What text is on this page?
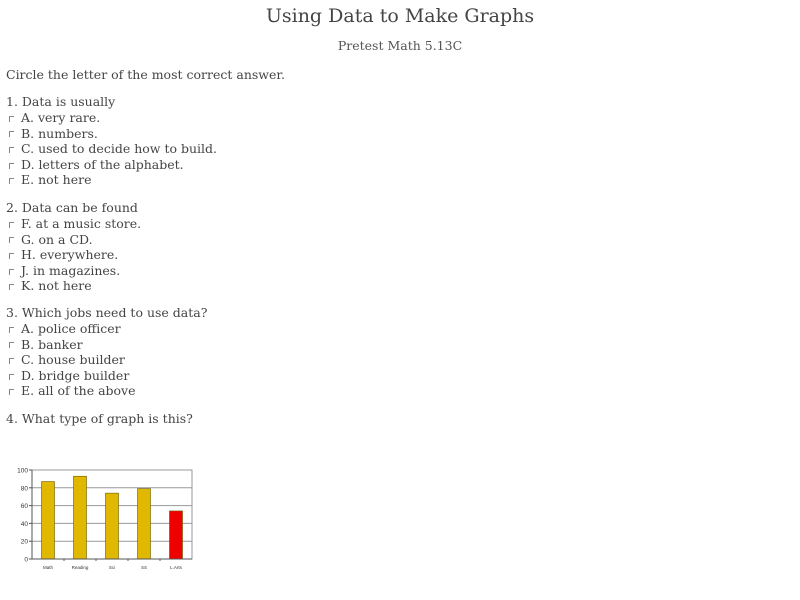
Using Data to Make Graphs
Pretest Math 5.13C
Circle the letter of the most correct answer.
1. Data is usually
A. very rare.
B. numbers.
C. used to decide how to build.
D. letters of the alphabet.
E. not here
2. Data can be found
F. at a music store.
G. on a CD.
H. everywhere.
J. in magazines.
K. not here
3. Which jobs need to use data?
A. police officer
B. banker
C. house builder
D. bridge builder
E. all of the above
4. What type of graph is this?
0
20
40
60
80
100
Math	Reading	Sci	SS	L.Arts
